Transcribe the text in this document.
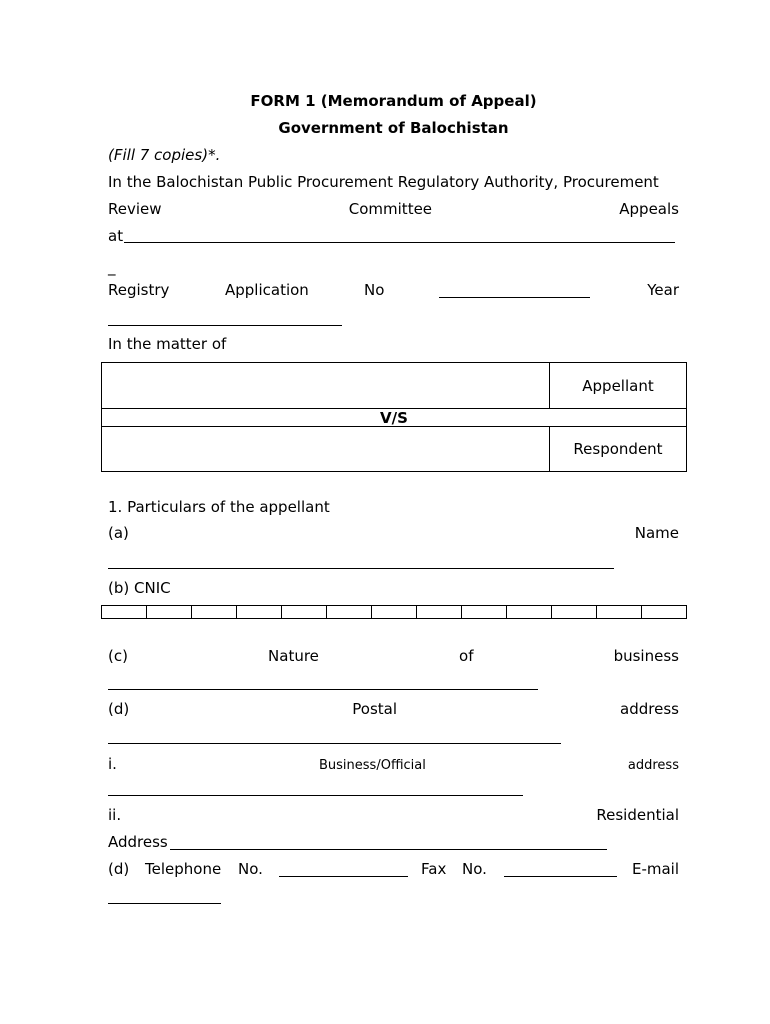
FORM 1 (Memorandum of Appeal)
Government of Balochistan
(Fill 7 copies)*.
In the Balochistan Public Procurement Regulatory Authority, Procurement
Review	Committee	Appeals
at
_
Registry	Application	No	Year
In the matter of
	Appellant
V/S	
	Respondent
1. Particulars of the appellant
(a)	Name
(b) CNIC
(c)	Nature	of	business
(d)	Postal	address
i.	Business/Official	address
ii.	Residential
Address
(d) Telephone No.	Fax No.	E-mail
